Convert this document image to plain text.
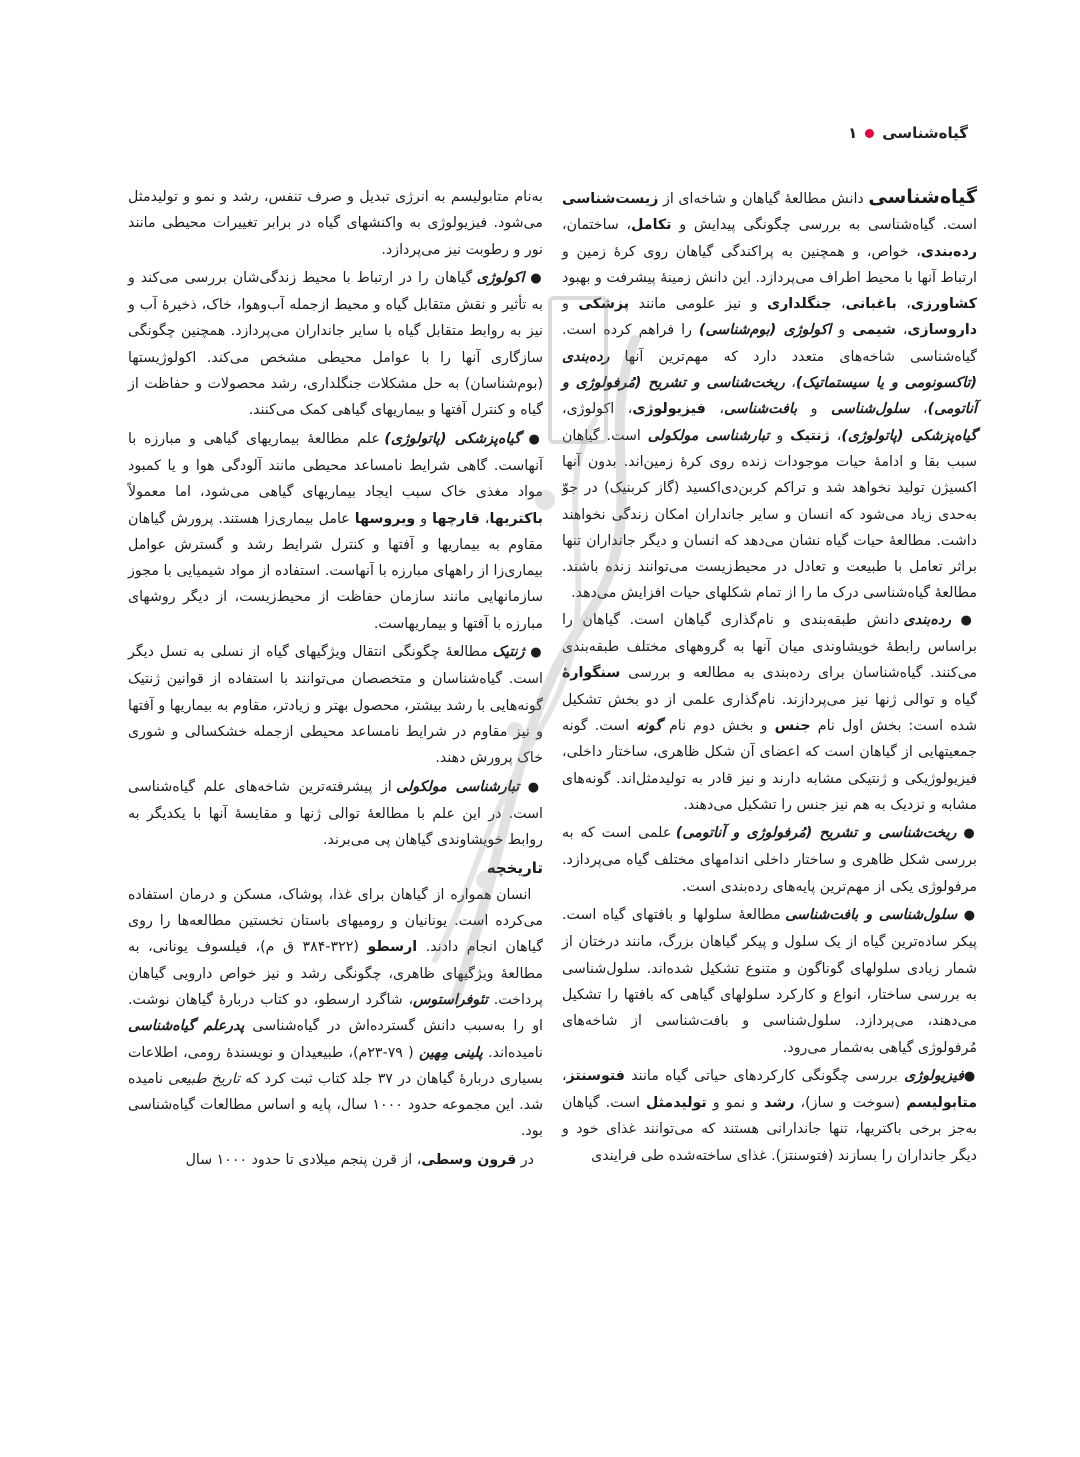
گیاه‌شناسی
۱

گیاه‌شناسی دانش مطالعهٔ گیاهان و شاخه‌ای از زیست‌شناسی است. گیاه‌شناسی به بررسی چگونگی پیدایش و تکامل، ساختمان، رده‌بندی، خواص، و همچنین به پراکندگی گیاهان روی کرهٔ زمین و ارتباط آنها با محیط اطراف می‌پردازد. این دانش زمینهٔ پیشرفت و بهبود کشاورزی، باغبانی، جنگلداری و نیز علومی مانند پزشکی و داروسازی، شیمی و اکولوژی (بوم‌شناسی) را فراهم کرده است. گیاه‌شناسی شاخه‌های متعدد دارد که مهم‌ترین آنها رده‌بندی (تاکسونومی و یا سیستماتیک)، ریخت‌شناسی و تشریح (مُرفولوژی و آناتومی)، سلول‌شناسی و بافت‌شناسی، فیزیولوژی، اکولوژی، گیاه‌پزشکی (پاتولوژی)، ژنتیک و تبارشناسی مولکولی است. گیاهان سبب بقا و ادامهٔ حیات موجودات زنده روی کرهٔ زمین‌اند. بدون آنها اکسیژن تولید نخواهد شد و تراکم کربن‌دی‌اکسید (گاز کربنیک) در جوّ به‌حدی زیاد می‌شود که انسان و سایر جانداران امکان زندگی نخواهند داشت. مطالعهٔ حیات گیاه نشان می‌دهد که انسان و دیگر جانداران تنها براثر تعامل با طبیعت و تعادل در محیط‌زیست می‌توانند زنده باشند. مطالعهٔ گیاه‌شناسی درک ما را از تمام شکلهای حیات افزایش می‌دهد.

● رده‌بندی دانش طبقه‌بندی و نام‌گذاری گیاهان است. گیاهان را براساس رابطهٔ خویشاوندی میان آنها به گروههای مختلف طبقه‌بندی می‌کنند. گیاه‌شناسان برای رده‌بندی به مطالعه و بررسی سنگوارهٔ گیاه و توالی ژنها نیز می‌پردازند. نام‌گذاری علمی از دو بخش تشکیل شده است: بخش اول نام جنس و بخش دوم نام گونه است. گونه جمعیتهایی از گیاهان است که اعضای آن شکل ظاهری، ساختار داخلی، فیزیولوژیکی و ژنتیکی مشابه دارند و نیز قادر به تولیدمثل‌اند. گونه‌های مشابه و نزدیک به هم نیز جنس را تشکیل می‌دهند.

● ریخت‌شناسی و تشریح (مُرفولوژی و آناتومی) علمی است که به بررسی شکل ظاهری و ساختار داخلی اندامهای مختلف گیاه می‌پردازد. مرفولوژی یکی از مهم‌ترین پایه‌های رده‌بندی است.

● سلول‌شناسی و بافت‌شناسی مطالعهٔ سلولها و بافتهای گیاه است. پیکر ساده‌ترین گیاه از یک سلول و پیکر گیاهان بزرگ، مانند درختان از شمار زیادی سلولهای گوناگون و متنوع تشکیل شده‌اند. سلول‌شناسی به بررسی ساختار، انواع و کارکرد سلولهای گیاهی که بافتها را تشکیل می‌دهند، می‌پردازد. سلول‌شناسی و بافت‌شناسی از شاخه‌های مُرفولوژی گیاهی به‌شمار می‌رود.

●فیزیولوژی بررسی چگونگی کارکردهای حیاتی گیاه مانند فتوسنتز، متابولیسم (سوخت و ساز)، رشد و نمو و تولیدمثل است. گیاهان به‌جز برخی باکتریها، تنها جاندارانی هستند که می‌توانند غذای خود و دیگر جانداران را بسازند (فتوسنتز). غذای ساخته‌شده طی فرایندی

به‌نام متابولیسم به انرژی تبدیل و صرف تنفس، رشد و نمو و تولیدمثل می‌شود. فیزیولوژی به واکنشهای گیاه در برابر تغییرات محیطی مانند نور و رطوبت نیز می‌پردازد.

● اکولوژی گیاهان را در ارتباط با محیط زندگی‌شان بررسی می‌کند و به تأثیر و نقش متقابل گیاه و محیط ازجمله آب‌وهوا، خاک، ذخیرهٔ آب و نیز به روابط متقابل گیاه با سایر جانداران می‌پردازد. همچنین چگونگی سازگاری آنها را با عوامل محیطی مشخص می‌کند. اکولوژیستها (بوم‌شناسان) به حل مشکلات جنگلداری، رشد محصولات و حفاظت از گیاه و کنترل آفتها و بیماریهای گیاهی کمک می‌کنند.

● گیاه‌پزشکی (پاتولوژی) علم مطالعهٔ بیماریهای گیاهی و مبارزه با آنهاست. گاهی شرایط نامساعد محیطی مانند آلودگی هوا و یا کمبود مواد مغذی خاک سبب ایجاد بیماریهای گیاهی می‌شود، اما معمولاً باکتریها، قارچها و ویروسها عامل بیماری‌زا هستند. پرورش گیاهان مقاوم به بیماریها و آفتها و کنترل شرایط رشد و گسترش عوامل بیماری‌زا از راههای مبارزه با آنهاست. استفاده از مواد شیمیایی با مجوز سازمانهایی مانند سازمان حفاظت از محیط‌زیست، از دیگر روشهای مبارزه با آفتها و بیماریهاست.

● ژنتیک مطالعهٔ چگونگی انتقال ویژگیهای گیاه از نسلی به نسل دیگر است. گیاه‌شناسان و متخصصان می‌توانند با استفاده از قوانین ژنتیک گونه‌هایی با رشد بیشتر، محصول بهتر و زیادتر، مقاوم به بیماریها و آفتها و نیز مقاوم در شرایط نامساعد محیطی ازجمله خشکسالی و شوری خاک پرورش دهند.

● تبارشناسی مولکولی از پیشرفته‌ترین شاخه‌های علم گیاه‌شناسی است. در این علم با مطالعهٔ توالی ژنها و مقایسهٔ آنها با یکدیگر به روابط خویشاوندی گیاهان پی می‌برند.

تاریخچه

انسان همواره از گیاهان برای غذا، پوشاک، مسکن و درمان استفاده می‌کرده است. یونانیان و رومیهای باستان نخستین مطالعه‌ها را روی گیاهان انجام دادند. ارسطو (۳۲۲-۳۸۴ ق م)، فیلسوف یونانی، به مطالعهٔ ویژگیهای ظاهری، چگونگی رشد و نیز خواص دارویی گیاهان پرداخت. تئوفراستوس، شاگرد ارسطو، دو کتاب دربارهٔ گیاهان نوشت. او را به‌سبب دانش گسترده‌اش در گیاه‌شناسی پدرعلم گیاه‌شناسی نامیده‌اند. پلینی مِهین ( ۷۹-۲۳م)، طبیعیدان و نویسندهٔ رومی، اطلاعات بسیاری دربارهٔ گیاهان در ۳۷ جلد کتاب ثبت کرد که تاریخ طبیعی نامیده شد. این مجموعه حدود ۱۰۰۰ سال، پایه و اساس مطالعات گیاه‌شناسی بود.

در قرون وسطی، از قرن پنجم میلادی تا حدود ۱۰۰۰ سال
